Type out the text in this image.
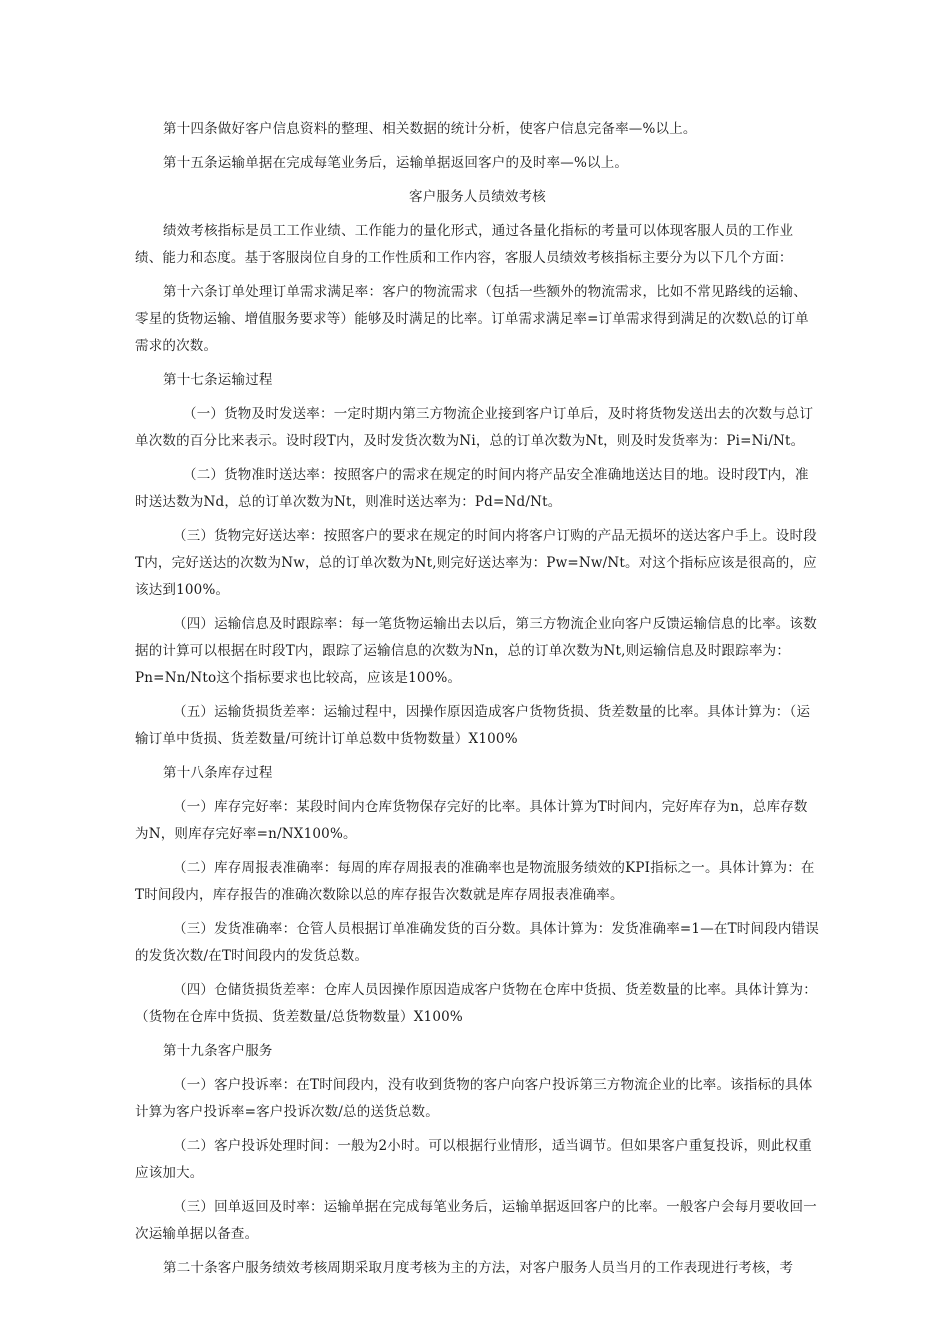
第十四条做好客户信息资料的整理、相关数据的统计分析，使客户信息完备率—%以上。

第十五条运输单据在完成每笔业务后，运输单据返回客户的及时率—%以上。

客户服务人员绩效考核

绩效考核指标是员工工作业绩、工作能力的量化形式，通过各量化指标的考量可以体现客服人员的工作业绩、能力和态度。基于客服岗位自身的工作性质和工作内容，客服人员绩效考核指标主要分为以下几个方面：

第十六条订单处理订单需求满足率：客户的物流需求（包括一些额外的物流需求，比如不常见路线的运输、零星的货物运输、增值服务要求等）能够及时满足的比率。订单需求满足率=订单需求得到满足的次数\总的订单需求的次数。

第十七条运输过程

（一）货物及时发送率：一定时期内第三方物流企业接到客户订单后，及时将货物发送出去的次数与总订单次数的百分比来表示。设时段T内，及时发货次数为Ni，总的订单次数为Nt，则及时发货率为：Pi=Ni/Nt。

（二）货物准时送达率：按照客户的需求在规定的时间内将产品安全准确地送达目的地。设时段T内，准时送达数为Nd，总的订单次数为Nt，则准时送达率为：Pd=Nd/Nt。

（三）货物完好送达率：按照客户的要求在规定的时间内将客户订购的产品无损坏的送达客户手上。设时段T内，完好送达的次数为Nw，总的订单次数为Nt,则完好送达率为：Pw=Nw/Nt。对这个指标应该是很高的，应该达到100%。

（四）运输信息及时跟踪率：每一笔货物运输出去以后，第三方物流企业向客户反馈运输信息的比率。该数据的计算可以根据在时段T内，跟踪了运输信息的次数为Nn，总的订单次数为Nt,则运输信息及时跟踪率为：Pn=Nn/Nto这个指标要求也比较高，应该是100%。

（五）运输货损货差率：运输过程中，因操作原因造成客户货物货损、货差数量的比率。具体计算为：（运输订单中货损、货差数量/可统计订单总数中货物数量）X100%

第十八条库存过程

（一）库存完好率：某段时间内仓库货物保存完好的比率。具体计算为T时间内，完好库存为n，总库存数为N，则库存完好率=n/NX100%。

（二）库存周报表准确率：每周的库存周报表的准确率也是物流服务绩效的KPI指标之一。具体计算为：在T时间段内，库存报告的准确次数除以总的库存报告次数就是库存周报表准确率。

（三）发货准确率：仓管人员根据订单准确发货的百分数。具体计算为：发货准确率=1—在T时间段内错误的发货次数/在T时间段内的发货总数。

（四）仓储货损货差率：仓库人员因操作原因造成客户货物在仓库中货损、货差数量的比率。具体计算为：（货物在仓库中货损、货差数量/总货物数量）X100%

第十九条客户服务

（一）客户投诉率：在T时间段内，没有收到货物的客户向客户投诉第三方物流企业的比率。该指标的具体计算为客户投诉率=客户投诉次数/总的送货总数。

（二）客户投诉处理时间：一般为2小时。可以根据行业情形，适当调节。但如果客户重复投诉，则此权重应该加大。

（三）回单返回及时率：运输单据在完成每笔业务后，运输单据返回客户的比率。一般客户会每月要收回一次运输单据以备查。

第二十条客户服务绩效考核周期采取月度考核为主的方法，对客户服务人员当月的工作表现进行考核，考
